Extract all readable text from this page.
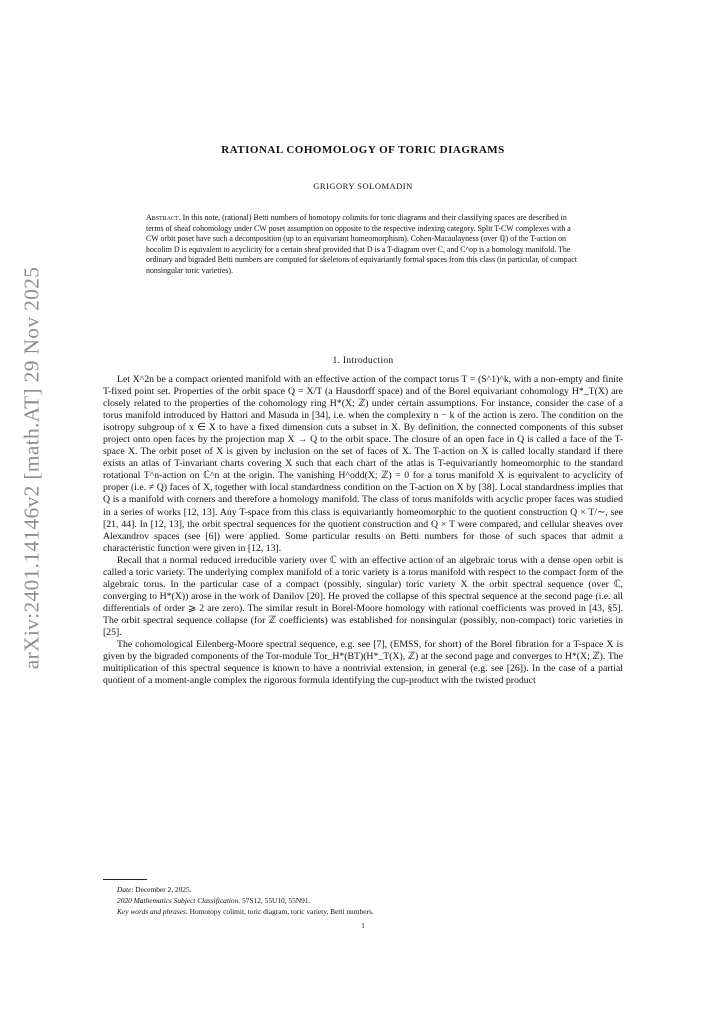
arXiv:2401.14146v2 [math.AT] 29 Nov 2025
RATIONAL COHOMOLOGY OF TORIC DIAGRAMS
GRIGORY SOLOMADIN
Abstract. In this note, (rational) Betti numbers of homotopy colimits for toric diagrams and their classifying spaces are described in terms of sheaf cohomology under CW poset assumption on opposite to the respective indexing category. Split T-CW complexes with a CW orbit poset have such a decomposition (up to an equivariant homeomorphism). Cohen-Macaulayness (over ℚ) of the T-action on hocolim D is equivalent to acyclicity for a certain sheaf provided that D is a T-diagram over C, and C^op is a homology manifold. The ordinary and bigraded Betti numbers are computed for skeletons of equivariantly formal spaces from this class (in particular, of compact nonsingular toric varieties).
1. Introduction

Let X^2n be a compact oriented manifold with an effective action of the compact torus T = (S^1)^k, with a non-empty and finite T-fixed point set. Properties of the orbit space Q = X/T (a Hausdorff space) and of the Borel equivariant cohomology H*_T(X) are closely related to the properties of the cohomology ring H*(X; ℤ) under certain assumptions. For instance, consider the case of a torus manifold introduced by Hattori and Masuda in [34], i.e. when the complexity n − k of the action is zero. The condition on the isotropy subgroup of x ∈ X to have a fixed dimension cuts a subset in X. By definition, the connected components of this subset project onto open faces by the projection map X → Q to the orbit space. The closure of an open face in Q is called a face of the T-space X. The orbit poset of X is given by inclusion on the set of faces of X. The T-action on X is called locally standard if there exists an atlas of T-invariant charts covering X such that each chart of the atlas is T-equivariantly homeomorphic to the standard rotational T^n-action on ℂ^n at the origin. The vanishing H^odd(X; ℤ) = 0 for a torus manifold X is equivalent to acyclicity of proper (i.e. ≠ Q) faces of X, together with local standardness condition on the T-action on X by [38]. Local standardness implies that Q is a manifold with corners and therefore a homology manifold. The class of torus manifolds with acyclic proper faces was studied in a series of works [12, 13]. Any T-space from this class is equivariantly homeomorphic to the quotient construction Q × T/∼, see [21, 44]. In [12, 13], the orbit spectral sequences for the quotient construction and Q × T were compared, and cellular sheaves over Alexandrov spaces (see [6]) were applied. Some particular results on Betti numbers for those of such spaces that admit a characteristic function were given in [12, 13].

Recall that a normal reduced irreducible variety over ℂ with an effective action of an algebraic torus with a dense open orbit is called a toric variety. The underlying complex manifold of a toric variety is a torus manifold with respect to the compact form of the algebraic torus. In the particular case of a compact (possibly, singular) toric variety X the orbit spectral sequence (over ℂ, converging to H*(X)) arose in the work of Danilov [20]. He proved the collapse of this spectral sequence at the second page (i.e. all differentials of order ⩾ 2 are zero). The similar result in Borel-Moore homology with rational coefficients was proved in [43, §5]. The orbit spectral sequence collapse (for ℤ coefficients) was established for nonsingular (possibly, non-compact) toric varieties in [25].

The cohomological Eilenberg-Moore spectral sequence, e.g. see [7], (EMSS, for short) of the Borel fibration for a T-space X is given by the bigraded components of the Tor-module Tor_H*(BT)(H*_T(X), ℤ) at the second page and converges to H*(X; ℤ). The multiplication of this spectral sequence is known to have a nontrivial extension, in general (e.g. see [26]). In the case of a partial quotient of a moment-angle complex the rigorous formula identifying the cup-product with the twisted product

Date: December 2, 2025.
2020 Mathematics Subject Classification. 57S12, 55U10, 55N91.
Key words and phrases. Homotopy colimit, toric diagram, toric variety, Betti numbers.
1
